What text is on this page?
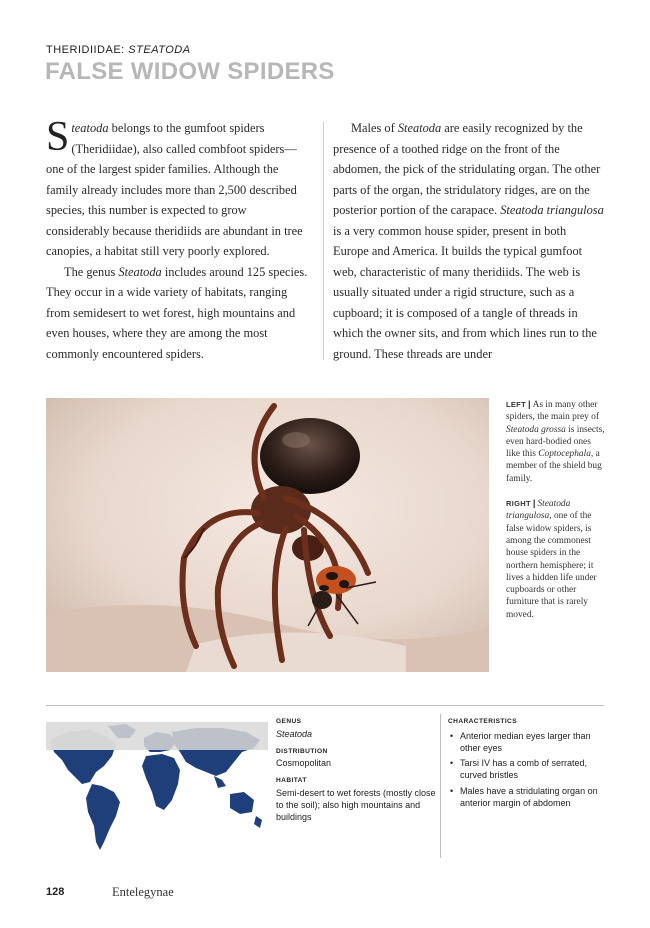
THERIDIIDAE: STEATODA
FALSE WIDOW SPIDERS

Steatoda belongs to the gumfoot spiders (Theridiidae), also called combfoot spiders—one of the largest spider families. Although the family already includes more than 2,500 described species, this number is expected to grow considerably because theridiids are abundant in tree canopies, a habitat still very poorly explored.

The genus Steatoda includes around 125 species. They occur in a wide variety of habitats, ranging from semidesert to wet forest, high mountains and even houses, where they are among the most commonly encountered spiders.

Males of Steatoda are easily recognized by the presence of a toothed ridge on the front of the abdomen, the pick of the stridulating organ. The other parts of the organ, the stridulatory ridges, are on the posterior portion of the carapace. Steatoda triangulosa is a very common house spider, present in both Europe and America. It builds the typical gumfoot web, characteristic of many theridiids. The web is usually situated under a rigid structure, such as a cupboard; it is composed of a tangle of threads in which the owner sits, and from which lines run to the ground. These threads are under

LEFT | As in many other spiders, the main prey of Steatoda grossa is insects, even hard-bodied ones like this Coptocephala, a member of the shield bug family.

RIGHT | Steatoda triangulosa, one of the false widow spiders, is among the commonest house spiders in the northern hemisphere; it lives a hidden life under cupboards or other furniture that is rarely moved.

GENUS
Steatoda
DISTRIBUTION
Cosmopolitan
HABITAT
Semi-desert to wet forests (mostly close to the soil); also high mountains and buildings
CHARACTERISTICS
• Anterior median eyes larger than other eyes
• Tarsi IV has a comb of serrated, curved bristles
• Males have a stridulating organ on anterior margin of abdomen
128	Entelegynae
